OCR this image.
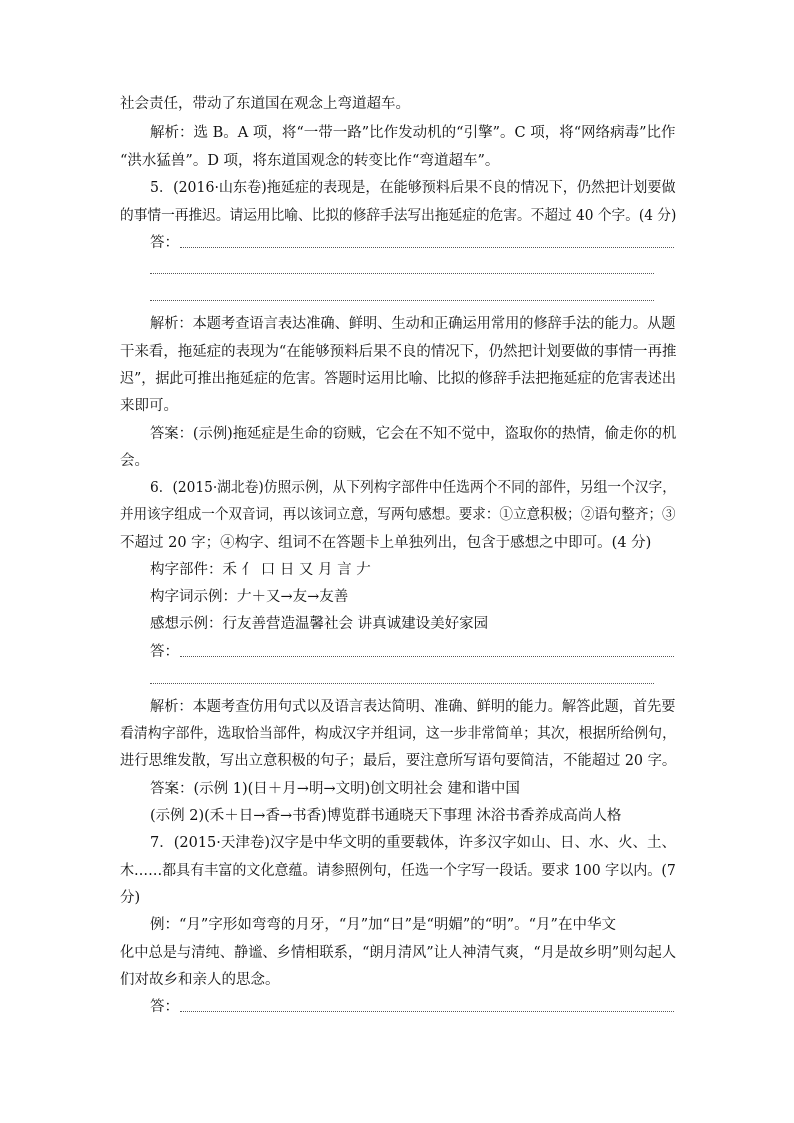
社会责任，带动了东道国在观念上弯道超车。
解析：选 B。A 项，将“一带一路”比作发动机的“引擎”。C 项，将“网络病毒”比作
“洪水猛兽”。D 项，将东道国观念的转变比作“弯道超车”。
5．(2016·山东卷)拖延症的表现是，在能够预料后果不良的情况下，仍然把计划要做
的事情一再推迟。请运用比喻、比拟的修辞手法写出拖延症的危害。不超过 40 个字。(4 分)
答：
解析：本题考查语言表达准确、鲜明、生动和正确运用常用的修辞手法的能力。从题
干来看，拖延症的表现为“在能够预料后果不良的情况下，仍然把计划要做的事情一再推
迟”，据此可推出拖延症的危害。答题时运用比喻、比拟的修辞手法把拖延症的危害表述出
来即可。
答案：(示例)拖延症是生命的窃贼，它会在不知不觉中，盗取你的热情，偷走你的机
会。
6．(2015·湖北卷)仿照示例，从下列构字部件中任选两个不同的部件，另组一个汉字，
并用该字组成一个双音词，再以该词立意，写两句感想。要求：①立意积极；②语句整齐；③
不超过 20 字；④构字、组词不在答题卡上单独列出，包含于感想之中即可。(4 分)
构字部件：禾 亻 口 日 又 月 言 𠂇
构字词示例：𠂇＋又→友→友善
感想示例：行友善营造温馨社会 讲真诚建设美好家园
答：
解析：本题考查仿用句式以及语言表达简明、准确、鲜明的能力。解答此题，首先要
看清构字部件，选取恰当部件，构成汉字并组词，这一步非常简单；其次，根据所给例句，
进行思维发散，写出立意积极的句子；最后，要注意所写语句要简洁，不能超过 20 字。
答案：(示例 1)(日＋月→明→文明)创文明社会 建和谐中国
(示例 2)(禾＋日→香→书香)博览群书通晓天下事理 沐浴书香养成高尚人格
7．(2015·天津卷)汉字是中华文明的重要载体，许多汉字如山、日、水、火、土、
木……都具有丰富的文化意蕴。请参照例句，任选一个字写一段话。要求 100 字以内。(7
分)
例：“月”字形如弯弯的月牙，“月”加“日”是“明媚”的“明”。“月”在中华文
化中总是与清纯、静谧、乡情相联系，“朗月清风”让人神清气爽，“月是故乡明”则勾起人
们对故乡和亲人的思念。
答：
